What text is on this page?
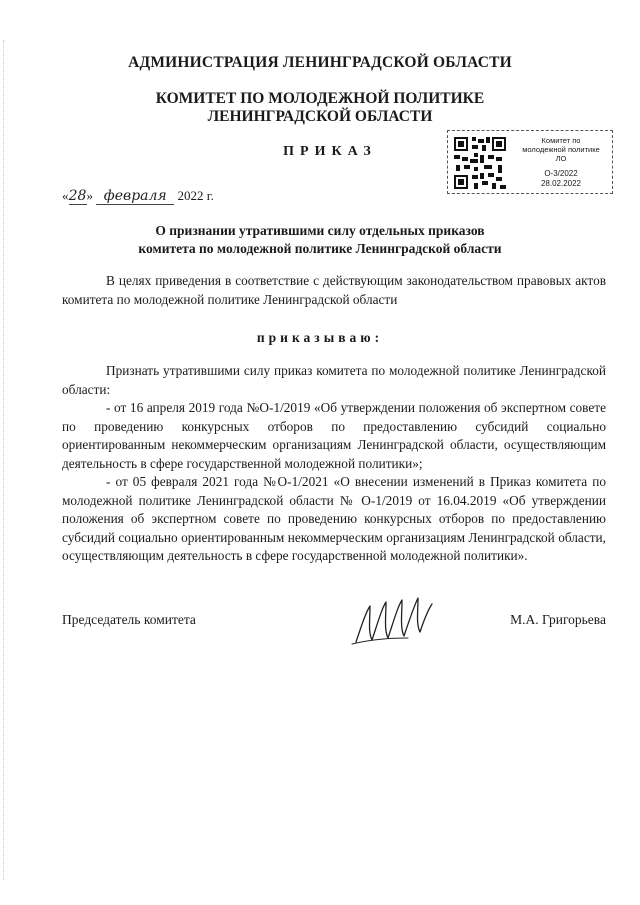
АДМИНИСТРАЦИЯ ЛЕНИНГРАДСКОЙ ОБЛАСТИ
КОМИТЕТ ПО МОЛОДЕЖНОЙ ПОЛИТИКЕ
ЛЕНИНГРАДСКОЙ ОБЛАСТИ
ПРИКАЗ
Комитет по
молодежной политике
ЛО
О-3/2022
28.02.2022
«28» февраля 2022 г.
О признании утратившими силу отдельных приказов
комитета по молодежной политике Ленинградской области
В целях приведения в соответствие с действующим законодательством правовых актов комитета по молодежной политике Ленинградской области
приказываю:
Признать утратившими силу приказ комитета по молодежной политике Ленинградской области:
- от 16 апреля 2019 года №О-1/2019 «Об утверждении положения об экспертном совете по проведению конкурсных отборов по предоставлению субсидий социально ориентированным некоммерческим организациям Ленинградской области, осуществляющим деятельность в сфере государственной молодежной политики»;
- от 05 февраля 2021 года №О-1/2021 «О внесении изменений в Приказ комитета по молодежной политике Ленинградской области № О-1/2019 от 16.04.2019 «Об утверждении положения об экспертном совете по проведению конкурсных отборов по предоставлению субсидий социально ориентированным некоммерческим организациям Ленинградской области, осуществляющим деятельность в сфере государственной молодежной политики».
Председатель комитета	М.А. Григорьева
